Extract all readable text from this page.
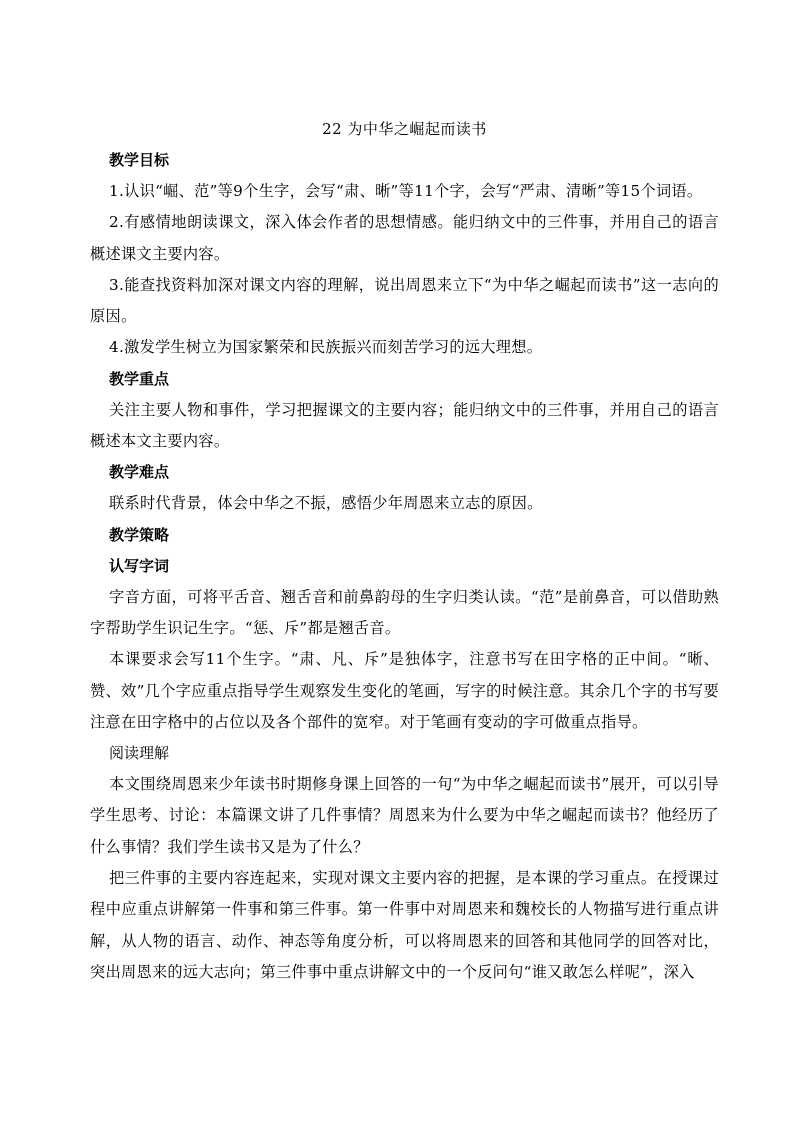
22 为中华之崛起而读书
教学目标

1.认识“崛、范”等9个生字，会写“肃、晰”等11个字，会写“严肃、清晰”等15个词语。

2.有感情地朗读课文，深入体会作者的思想情感。能归纳文中的三件事，并用自己的语言概述课文主要内容。

3.能查找资料加深对课文内容的理解，说出周恩来立下“为中华之崛起而读书”这一志向的原因。

4.激发学生树立为国家繁荣和民族振兴而刻苦学习的远大理想。

教学重点

关注主要人物和事件，学习把握课文的主要内容；能归纳文中的三件事，并用自己的语言概述本文主要内容。

教学难点

联系时代背景，体会中华之不振，感悟少年周恩来立志的原因。

教学策略
认写字词

字音方面，可将平舌音、翘舌音和前鼻韵母的生字归类认读。“范”是前鼻音，可以借助熟字帮助学生识记生字。“惩、斥”都是翘舌音。

本课要求会写11个生字。“肃、凡、斥”是独体字，注意书写在田字格的正中间。“晰、赞、效”几个字应重点指导学生观察发生变化的笔画，写字的时候注意。其余几个字的书写要注意在田字格中的占位以及各个部件的宽窄。对于笔画有变动的字可做重点指导。

阅读理解

本文围绕周恩来少年读书时期修身课上回答的一句“为中华之崛起而读书”展开，可以引导学生思考、讨论：本篇课文讲了几件事情？周恩来为什么要为中华之崛起而读书？他经历了什么事情？我们学生读书又是为了什么？

把三件事的主要内容连起来，实现对课文主要内容的把握，是本课的学习重点。在授课过程中应重点讲解第一件事和第三件事。第一件事中对周恩来和魏校长的人物描写进行重点讲解，从人物的语言、动作、神态等角度分析，可以将周恩来的回答和其他同学的回答对比，突出周恩来的远大志向；第三件事中重点讲解文中的一个反问句“谁又敢怎么样呢”，深入
